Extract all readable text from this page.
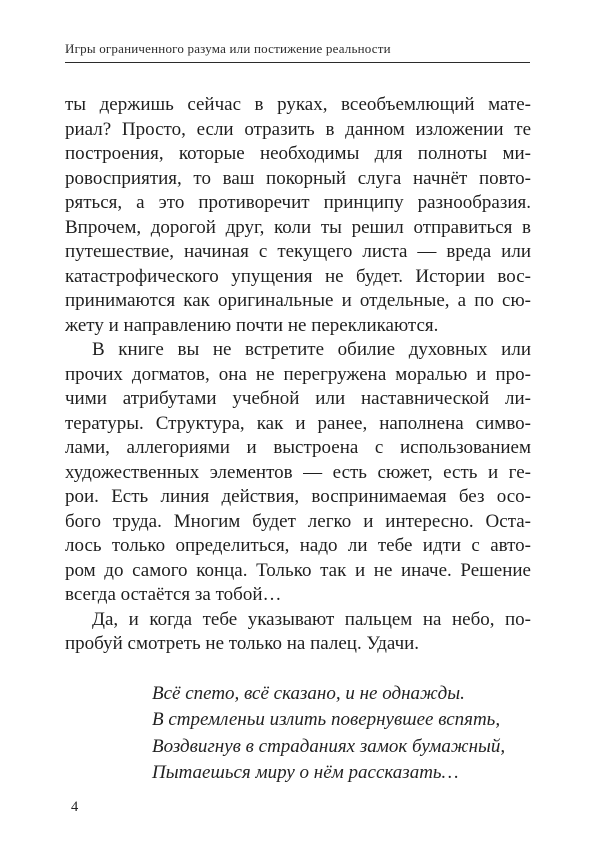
Игры ограниченного разума или постижение реальности
ты держишь сейчас в руках, всеобъемлющий мате-
риал? Просто, если отразить в данном изложении те
построения, которые необходимы для полноты ми-
ровосприятия, то ваш покорный слуга начнёт повто-
ряться, а это противоречит принципу разнообразия.
Впрочем, дорогой друг, коли ты решил отправиться в
путешествие, начиная с текущего листа — вреда или
катастрофического упущения не будет. Истории вос-
принимаются как оригинальные и отдельные, а по сю-
жету и направлению почти не перекликаются.
В книге вы не встретите обилие духовных или
прочих догматов, она не перегружена моралью и про-
чими атрибутами учебной или наставнической ли-
тературы. Структура, как и ранее, наполнена симво-
лами, аллегориями и выстроена с использованием
художественных элементов — есть сюжет, есть и ге-
рои. Есть линия действия, воспринимаемая без осо-
бого труда. Многим будет легко и интересно. Оста-
лось только определиться, надо ли тебе идти с авто-
ром до самого конца. Только так и не иначе. Решение
всегда остаётся за тобой…
Да, и когда тебе указывают пальцем на небо, по-
пробуй смотреть не только на палец. Удачи.
Всё спето, всё сказано, и не однажды.
В стремленьи излить повернувшее вспять,
Воздвигнув в страданиях замок бумажный,
Пытаешься миру о нём рассказать…
4
